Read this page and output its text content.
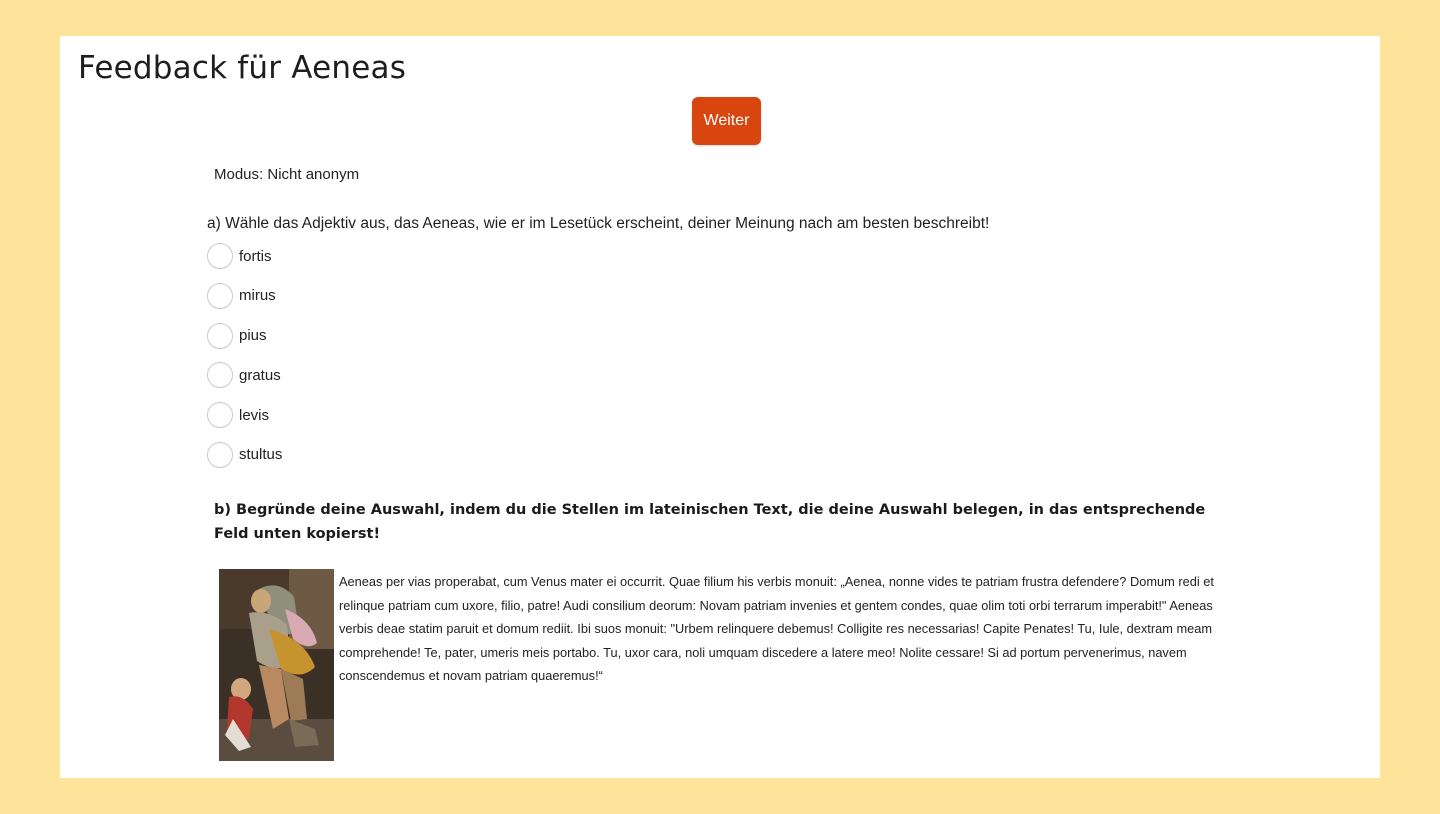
Feedback für Aeneas
Weiter
Modus: Nicht anonym
a) Wähle das Adjektiv aus, das Aeneas, wie er im Lesetück erscheint, deiner Meinung nach am besten beschreibt!
fortis
mirus
pius
gratus
levis
stultus

b) Begründe deine Auswahl, indem du die Stellen im lateinischen Text, die deine Auswahl belegen, in das entsprechende Feld unten kopierst!

Aeneas per vias properabat, cum Venus mater ei occurrit. Quae filium his verbis monuit: „Aenea, nonne vides te patriam frustra defendere? Domum redi et relinque patriam cum uxore, filio, patre! Audi consilium deorum: Novam patriam invenies et gentem condes, quae olim toti orbi terrarum imperabit!" Aeneas verbis deae statim paruit et domum rediit. Ibi suos monuit: "Urbem relinquere debemus! Colligite res necessarias! Capite Penates! Tu, Iule, dextram meam comprehende! Te, pater, umeris meis portabo. Tu, uxor cara, noli umquam discedere a latere meo! Nolite cessare! Si ad portum pervenerimus, navem conscendemus et novam patriam quaeremus!“
